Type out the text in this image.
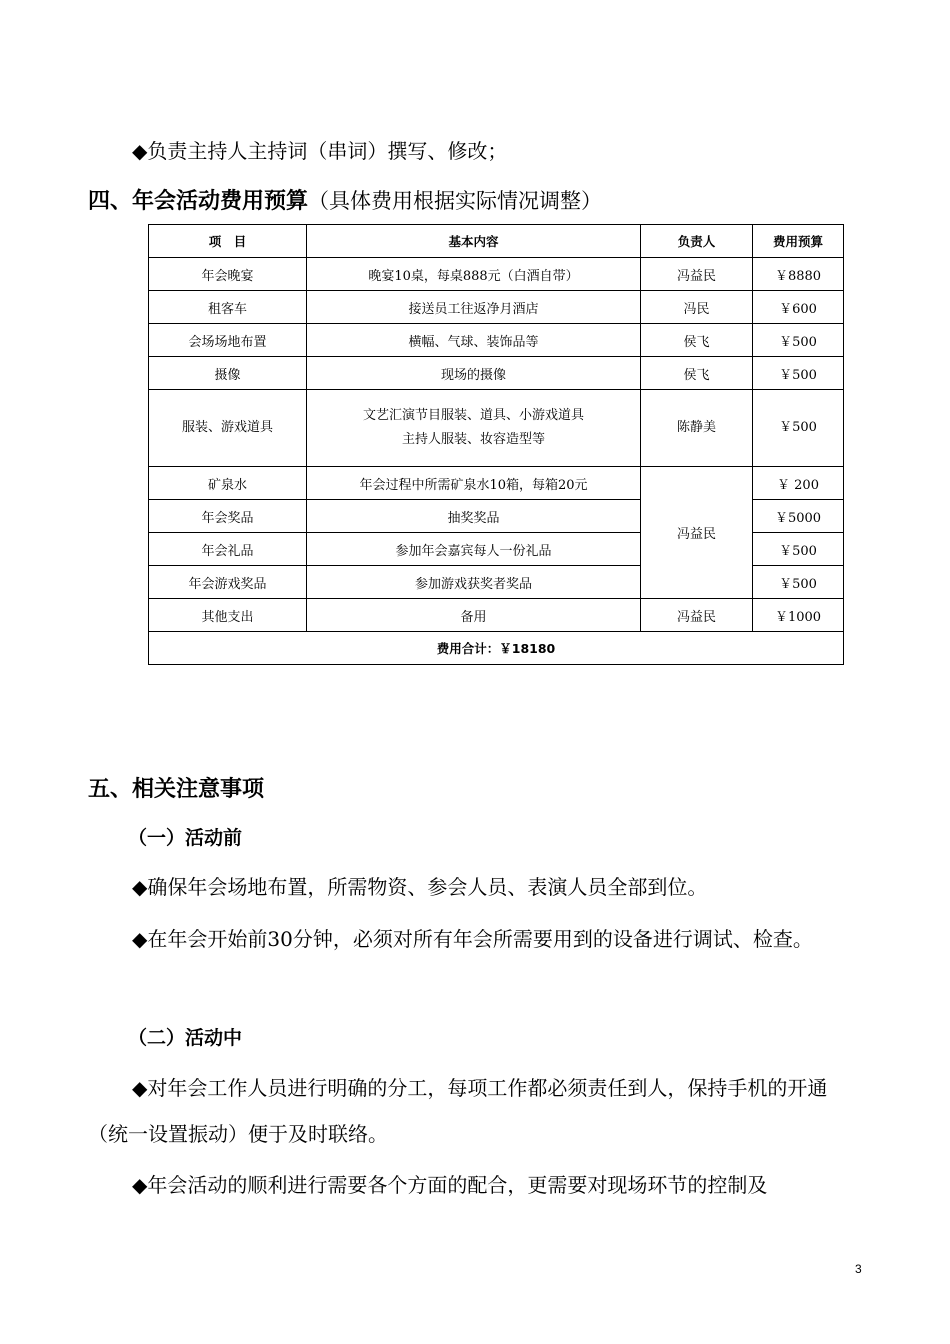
◆负责主持人主持词（串词）撰写、修改；

四、年会活动费用预算（具体费用根据实际情况调整）
项　目	基本内容	负责人	费用预算
年会晚宴	晚宴10桌，每桌888元（白酒自带）	冯益民	￥8880
租客车	接送员工往返净月酒店	冯民	￥600
会场场地布置	横幅、气球、装饰品等	侯飞	￥500
摄像	现场的摄像	侯飞	￥500
服装、游戏道具	文艺汇演节目服装、道具、小游戏道具
主持人服装、妆容造型等	陈静美	￥500
矿泉水	年会过程中所需矿泉水10箱，每箱20元	冯益民	￥ 200
年会奖品	抽奖奖品		￥5000
年会礼品	参加年会嘉宾每人一份礼品		￥500
年会游戏奖品	参加游戏获奖者奖品		￥500
其他支出	备用	冯益民	￥1000
费用合计：￥18180			
五、相关注意事项
（一）活动前

◆确保年会场地布置，所需物资、参会人员、表演人员全部到位。

◆在年会开始前30分钟，必须对所有年会所需要用到的设备进行调试、检查。

（二）活动中

◆对年会工作人员进行明确的分工，每项工作都必须责任到人，保持手机的开通（统一设置振动）便于及时联络。

◆年会活动的顺利进行需要各个方面的配合，更需要对现场环节的控制及

3
